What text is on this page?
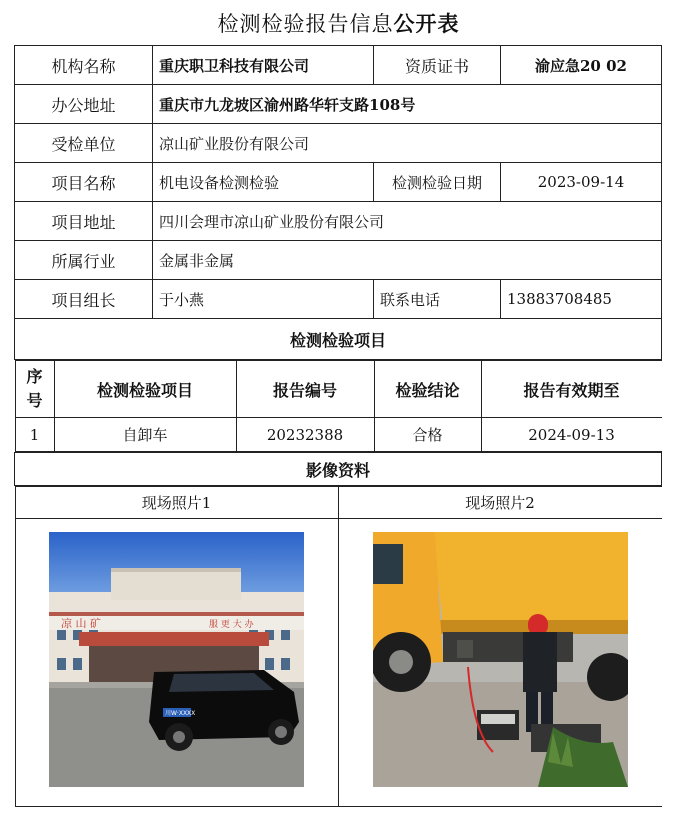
检测检验报告信息公开表
机构名称	重庆职卫科技有限公司	资质证书	渝应急20 02
办公地址	重庆市九龙坡区渝州路华轩支路108号
受检单位	凉山矿业股份有限公司
项目名称	机电设备检测检验	检测检验日期	2023-09-14
项目地址	四川会理市凉山矿业股份有限公司
所属行业	金属非金属
项目组长	于小燕	联系电话	13883708485
检测检验项目

序号	检测检验项目	报告编号	检验结论	报告有效期至
1	自卸车	20232388	合格	2024-09-13

影像资料

现场照片1	现场照片2

凉 山 矿	服 更 大 办
川W·XXXX
